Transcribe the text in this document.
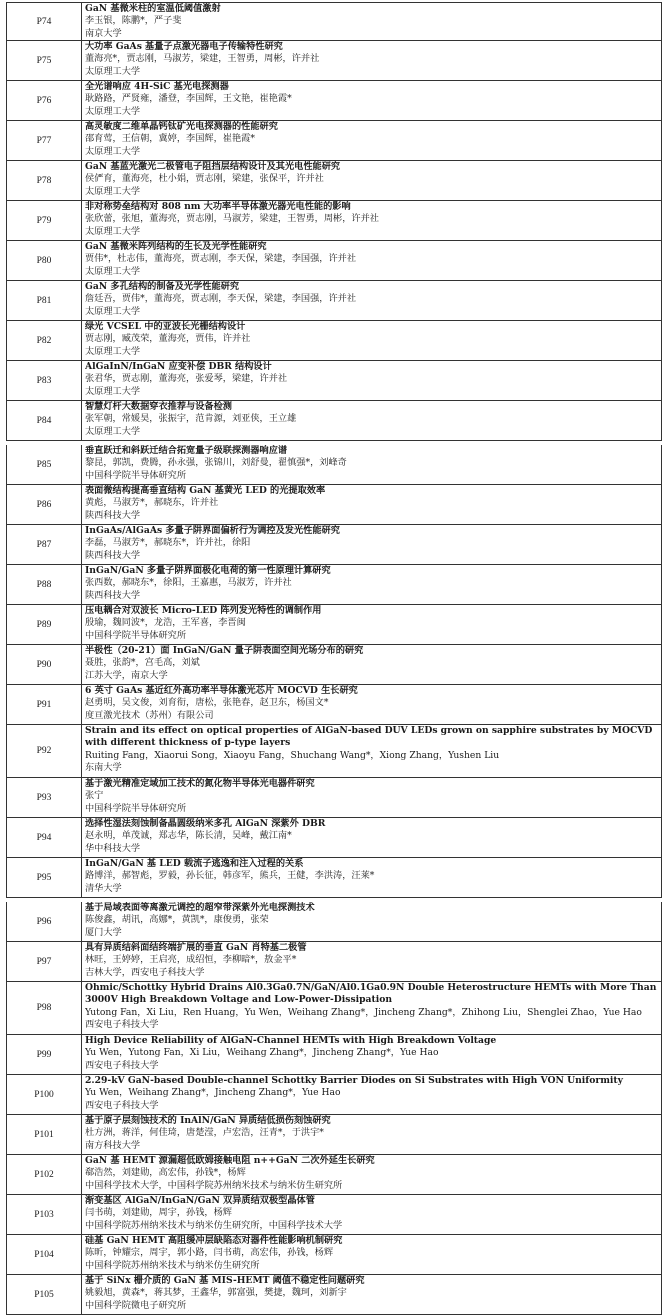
P74
GaN 基微米柱的室温低阈值激射
李玉银，陈鹏*，严子斐
南京大学
P75
大功率 GaAs 基量子点激光器电子传输特性研究
董海亮*，贾志刚，马淑芳，梁建，王智勇，周彬，许并社
太原理工大学
P76
全光谱响应 4H-SiC 基光电探测器
耿路路，严贤雍，潘登，李国辉，王文艳，崔艳霞*
太原理工大学
P77
高灵敏度二维单晶钙钛矿光电探测器的性能研究
邵育莺，王信朝，冀婷，李国辉，崔艳霞*
太原理工大学
P78
GaN 基蓝光激光二极管电子阻挡层结构设计及其光电性能研究
侯俨育，董海亮，杜小娟，贾志刚，梁建，张保平，许并社
太原理工大学
P79
非对称势垒结构对 808 nm 大功率半导体激光器光电性能的影响
张欣蕾，张旭，董海亮，贾志刚，马淑芳，梁建，王智勇，周彬，许并社
太原理工大学
P80
GaN 基微米阵列结构的生长及光学性能研究
贾伟*，杜志伟，董海亮，贾志刚，李天保，梁建，李国强，许并社
太原理工大学
P81
GaN 多孔结构的制备及光学性能研究
詹廷吾，贾伟*，董海亮，贾志刚，李天保，梁建，李国强，许并社
太原理工大学
P82
绿光 VCSEL 中的亚波长光栅结构设计
贾志刚，臧茂荣，董海亮，贾伟，许并社
太原理工大学
P83
AlGaInN/InGaN 应变补偿 DBR 结构设计
张君华，贾志刚，董海亮，张爱琴，梁建，许并社
太原理工大学
P84
智慧灯杆大数据穿衣推荐与设备检测
张军朝，常媛昊，张振宇，范肯源，刘亚侠，王立雄
太原理工大学
P85
垂直跃迁和斜跃迁结合拓宽量子级联探测器响应谱
黎昆，郭凯，费腾，孙永强，张锦川，刘舒曼，翟慎强*，刘峰奇
中国科学院半导体研究所
P86
表面微结构提高垂直结构 GaN 基黄光 LED 的光提取效率
黄彪，马淑芳*，郝晓东，许并社
陕西科技大学
P87
InGaAs/AlGaAs 多量子阱界面偏析行为调控及发光性能研究
李磊，马淑芳*，郝晓东*，许并社，徐阳
陕西科技大学
P88
InGaN/GaN 多量子阱界面极化电荷的第一性原理计算研究
张西数，郝晓东*，徐阳，王嘉惠，马淑芳，许并社
陕西科技大学
P89
压电耦合对双波长 Micro-LED 阵列发光特性的调制作用
殷瑜，魏同波*，龙浩，王军喜，李晋闽
中国科学院半导体研究所
P90
半极性（20-21）面 InGaN/GaN 量子阱表面空间光场分布的研究
聂胜，张韵*，宫毛高，刘斌
江苏大学，南京大学
P91
6 英寸 GaAs 基近红外高功率半导体激光芯片 MOCVD 生长研究
赵勇明，吴文俊，刘育衔，唐松，张艳春，赵卫东，杨国文*
度亘激光技术（苏州）有限公司
P92
Strain and its effect on optical properties of AlGaN-based DUV LEDs grown on sapphire substrates by MOCVD with different thickness of p-type layers
Ruiting Fang，Xiaorui Song，Xiaoyu Fang，Shuchang Wang*，Xiong Zhang，Yushen Liu
东南大学
P93
基于激光精准定域加工技术的氮化物半导体光电器件研究
张宁
中国科学院半导体研究所
P94
选择性湿法刻蚀制备晶圆级纳米多孔 AlGaN 深紫外 DBR
赵永明，单茂诚，郑志华，陈长清，吴峰，戴江南*
华中科技大学
P95
InGaN/GaN 基 LED 载流子逃逸和注入过程的关系
路博洋，郝智彪，罗毅，孙长征，韩彦军，熊兵，王健，李洪涛，汪莱*
清华大学
P96
基于局域表面等离激元调控的超窄带深紫外光电探测技术
陈俊鑫，胡讯，高娜*，黄凯*，康俊勇，张荣
厦门大学
P97
具有异质结斜面结终端扩展的垂直 GaN 肖特基二极管
林旺，王婷婷，王启亮，成绍恒，李柳暗*，敖金平*
吉林大学，西安电子科技大学
P98
Ohmic/Schottky Hybrid Drains Al0.3Ga0.7N/GaN/Al0.1Ga0.9N Double Heterostructure HEMTs with More Than 3000V High Breakdown Voltage and Low-Power-Dissipation
Yutong Fan，Xi Liu，Ren Huang，Yu Wen，Weihang Zhang*，Jincheng Zhang*，Zhihong Liu，Shenglei Zhao，Yue Hao
西安电子科技大学
P99
High Device Reliability of AlGaN-Channel HEMTs with High Breakdown Voltage
Yu Wen，Yutong Fan，Xi Liu，Weihang Zhang*，Jincheng Zhang*，Yue Hao
西安电子科技大学
P100
2.29-kV GaN-based Double-channel Schottky Barrier Diodes on Si Substrates with High VON Uniformity
Yu Wen，Weihang Zhang*，Jincheng Zhang*，Yue Hao
西安电子科技大学
P101
基于原子层刻蚀技术的 InAlN/GaN 异质结低损伤刻蚀研究
杜方洲，蒋洋，何佳琦，唐楚滢，卢宏浩，汪青*，于洪宇*
南方科技大学
P102
GaN 基 HEMT 源漏超低欧姆接触电阻 n++GaN 二次外延生长研究
郗浩然，刘建勋，高宏伟，孙钱*，杨辉
中国科学技术大学，中国科学院苏州纳米技术与纳米仿生研究所
P103
渐变基区 AlGaN/InGaN/GaN 双异质结双极型晶体管
闫书萌，刘建勋，周宇，孙钱，杨辉
中国科学院苏州纳米技术与纳米仿生研究所，中国科学技术大学
P104
硅基 GaN HEMT 高阻缓冲层缺陷态对器件性能影响机制研究
陈昕，钟耀宗，周宇，郭小路，闫书萌，高宏伟，孙钱，杨辉
中国科学院苏州纳米技术与纳米仿生研究所
P105
基于 SiNx 栅介质的 GaN 基 MIS-HEMT 阈值不稳定性问题研究
姚毅旭，黄森*，蒋其梦，王鑫华，郭富强，樊捷，魏珂，刘新宇
中国科学院微电子研究所
